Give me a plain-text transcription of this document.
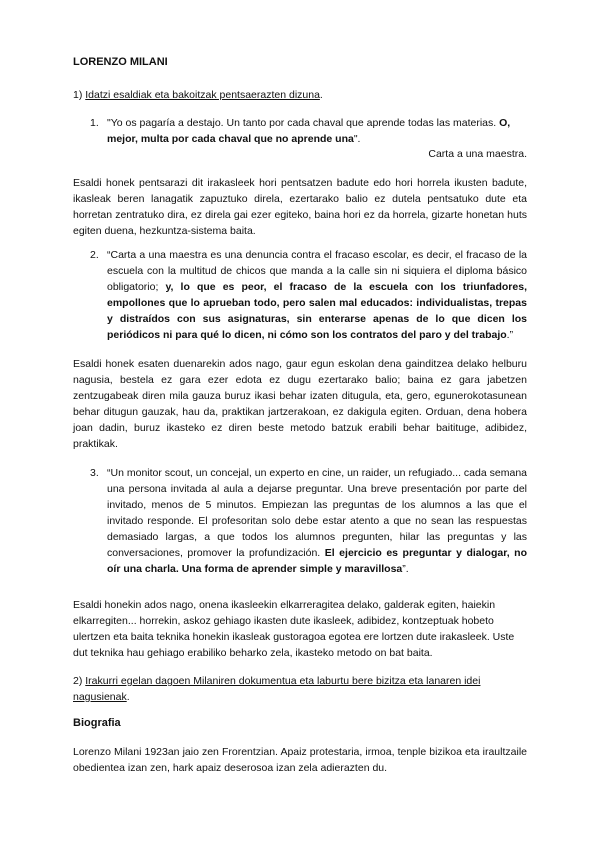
LORENZO MILANI
1) Idatzi esaldiak eta bakoitzak pentsaerazten dizuna.
1. "Yo os pagaría a destajo. Un tanto por cada chaval que aprende todas las materias. O, mejor, multa por cada chaval que no aprende una".
Carta a una maestra.
Esaldi honek pentsarazi dit irakasleek hori pentsatzen badute edo hori horrela ikusten badute, ikasleak beren lanagatik zapuztuko direla, ezertarako balio ez dutela pentsatuko dute eta horretan zentratuko dira, ez direla gai ezer egiteko, baina hori ez da horrela, gizarte honetan huts egiten duena, hezkuntza-sistema baita.
2. “Carta a una maestra es una denuncia contra el fracaso escolar, es decir, el fracaso de la escuela con la multitud de chicos que manda a la calle sin ni siquiera el diploma básico obligatorio; y, lo que es peor, el fracaso de la escuela con los triunfadores, empollones que lo aprueban todo, pero salen mal educados: individualistas, trepas y distraídos con sus asignaturas, sin enterarse apenas de lo que dicen los periódicos ni para qué lo dicen, ni cómo son los contratos del paro y del trabajo.”
Esaldi honek esaten duenarekin ados nago, gaur egun eskolan dena gainditzea delako helburu nagusia, bestela ez gara ezer edota ez dugu ezertarako balio; baina ez gara jabetzen zentzugabeak diren mila gauza buruz ikasi behar izaten ditugula, eta, gero, egunerokotasunean behar ditugun gauzak, hau da, praktikan jartzerakoan, ez dakigula egiten. Orduan, dena hobera joan dadin, buruz ikasteko ez diren beste metodo batzuk erabili behar baitituge, adibidez, praktikak.
3. “Un monitor scout, un concejal, un experto en cine, un raider, un refugiado... cada semana una persona invitada al aula a dejarse preguntar. Una breve presentación por parte del invitado, menos de 5 minutos. Empiezan las preguntas de los alumnos a las que el invitado responde. El profesoritan solo debe estar atento a que no sean las respuestas demasiado largas, a que todos los alumnos pregunten, hilar las preguntas y las conversaciones, promover la profundización. El ejercicio es preguntar y dialogar, no oír una charla. Una forma de aprender simple y maravillosa”.
Esaldi honekin ados nago, onena ikasleekin elkarreragitea delako, galderak egiten, haiekin elkarregiten... horrekin, askoz gehiago ikasten dute ikasleek, adibidez, kontzeptuak hobeto ulertzen eta baita teknika honekin ikasleak gustoragoa egotea ere lortzen dute irakasleek. Uste dut teknika hau gehiago erabiliko beharko zela, ikasteko metodo on bat baita.
2) Irakurri egelan dagoen Milaniren dokumentua eta laburtu bere bizitza eta lanaren idei nagusienak.
Biografia
Lorenzo Milani 1923an jaio zen Frorentzian. Apaiz protestaria, irmoa, tenple bizikoa eta iraultzaile obedientea izan zen, hark apaiz deserosoa izan zela adierazten du.
